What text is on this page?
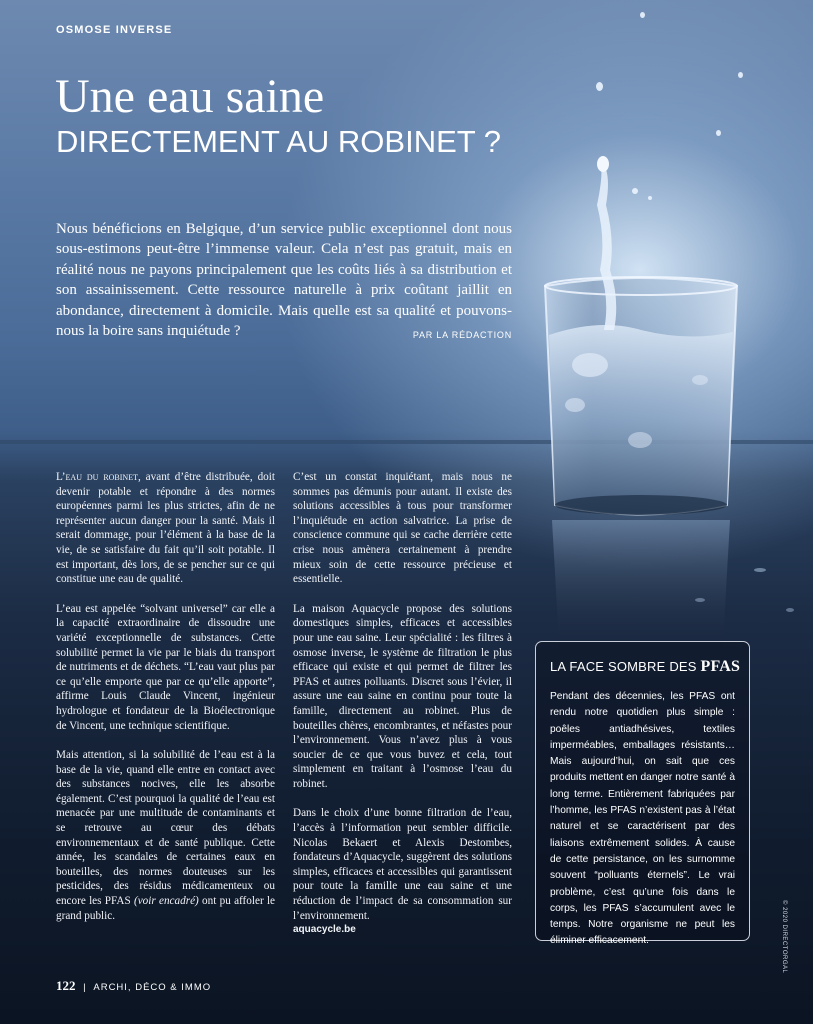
OSMOSE INVERSE
Une eau saine
DIRECTEMENT AU ROBINET ?
Nous bénéficions en Belgique, d’un service public exceptionnel dont nous sous-estimons peut-être l’immense valeur. Cela n’est pas gratuit, mais en réalité nous ne payons principalement que les coûts liés à sa distribution et son assainissement. Cette ressource naturelle à prix coûtant jaillit en abondance, directement à domicile. Mais quelle est sa qualité et pouvons-nous la boire sans inquiétude ?	PAR LA RÉDACTION

L’eau du robinet, avant d’être distribuée, doit devenir potable et répondre à des normes européennes parmi les plus strictes, afin de ne représenter aucun danger pour la santé. Mais il serait dommage, pour l’élément à la base de la vie, de se satisfaire du fait qu’il soit potable. Il est important, dès lors, de se pencher sur ce qui constitue une eau de qualité.

L’eau est appelée “solvant universel” car elle a la capacité extraordinaire de dissoudre une variété exceptionnelle de substances. Cette solubilité permet la vie par le biais du transport de nutriments et de déchets. “L’eau vaut plus par ce qu’elle emporte que par ce qu’elle apporte”, affirme Louis Claude Vincent, ingénieur hydrologue et fondateur de la Bioélectronique de Vincent, une technique scientifique.

Mais attention, si la solubilité de l’eau est à la base de la vie, quand elle entre en contact avec des substances nocives, elle les absorbe également. C’est pourquoi la qualité de l’eau est menacée par une multitude de contaminants et se retrouve au cœur des débats environnementaux et de santé publique. Cette année, les scandales de certaines eaux en bouteilles, des normes douteuses sur les pesticides, des résidus médicamenteux ou encore les PFAS (voir encadré) ont pu affoler le grand public.

C’est un constat inquiétant, mais nous ne sommes pas démunis pour autant. Il existe des solutions accessibles à tous pour transformer l’inquiétude en action salvatrice. La prise de conscience commune qui se cache derrière cette crise nous amènera certainement à prendre mieux soin de cette ressource précieuse et essentielle.

La maison Aquacycle propose des solutions domestiques simples, efficaces et accessibles pour une eau saine. Leur spécialité : les filtres à osmose inverse, le système de filtration le plus efficace qui existe et qui permet de filtrer les PFAS et autres polluants. Discret sous l’évier, il assure une eau saine en continu pour toute la famille, directement au robinet. Plus de bouteilles chères, encombrantes, et néfastes pour l’environnement. Vous n’avez plus à vous soucier de ce que vous buvez et cela, tout simplement en traitant à l’osmose l’eau du robinet.

Dans le choix d’une bonne filtration de l’eau, l’accès à l’information peut sembler difficile. Nicolas Bekaert et Alexis Destombes, fondateurs d’Aquacycle, suggèrent des solutions simples, efficaces et accessibles qui garantissent pour toute la famille une eau saine et une réduction de l’impact de sa consommation sur l’environnement.

aquacycle.be
LA FACE SOMBRE DES PFAS
Pendant des décennies, les PFAS ont rendu notre quotidien plus simple : poêles antiadhésives, textiles imperméables, emballages résistants… Mais aujourd’hui, on sait que ces produits mettent en danger notre santé à long terme. Entièrement fabriquées par l’homme, les PFAS n’existent pas à l’état naturel et se caractérisent par des liaisons extrêmement solides. À cause de cette persistance, on les surnomme souvent “polluants éternels”. Le vrai problème, c’est qu’une fois dans le corps, les PFAS s’accumulent avec le temps. Notre organisme ne peut les éliminer efficacement.
122 | ARCHI, DÉCO & IMMO
© 2020 DIRECTORGAL
